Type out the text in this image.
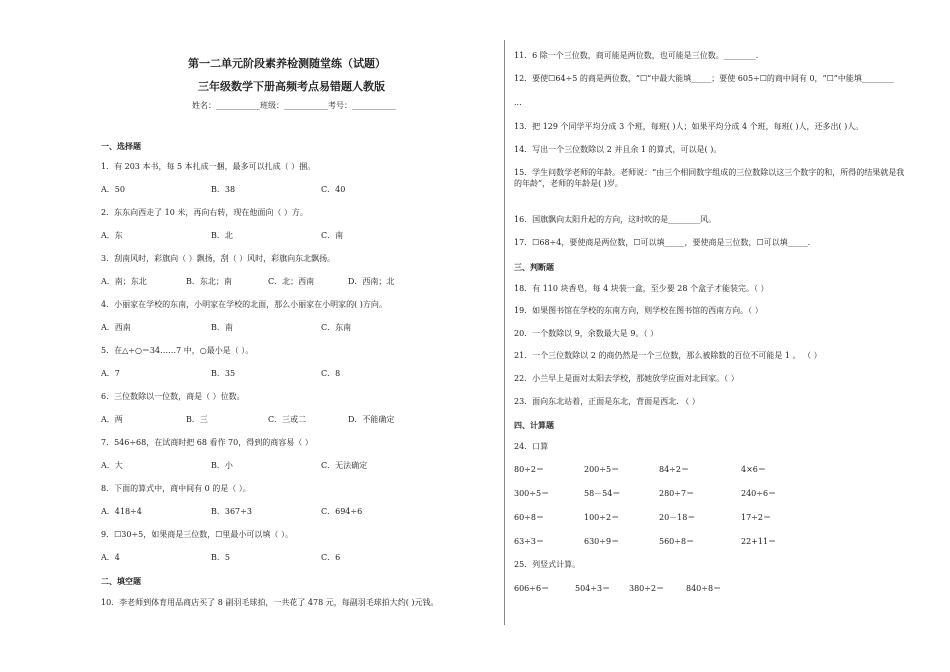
第一二单元阶段素养检测随堂练（试题）
三年级数学下册高频考点易错题人教版
姓名：___________班级：___________考号：___________
一、选择题
1．有 203 本书，每 5 本扎成一捆，最多可以扎成（ ）捆。
A．50	B．38	C．40
2．东东向西走了 10 米，再向右转，现在他面向（ ）方。
A．东	B．北	C．南
3．刮南风时，彩旗向（ ）飘扬，刮（ ）风时，彩旗向东北飘扬。
A．南；东北	B．东北；南	C．北；西南	D．西南；北
4．小丽家在学校的东南，小明家在学校的北面，那么小丽家在小明家的( )方向。
A．西南	B．南	C．东南
5．在△÷○＝34……7 中，○最小是（ ）。
A．7	B．35	C．8
6．三位数除以一位数，商是（ ）位数。
A．两	B．三	C．三或二	D．不能确定
7．546÷68，在试商时把 68 看作 70，得到的商容易（ ）
A．大	B．小	C．无法确定
8．下面的算式中，商中间有 0 的是（ ）。
A．418÷4	B．367÷3	C．694÷6
9．☐30÷5，如果商是三位数，☐里最小可以填（ ）。
A．4	B．5	C．6
二、填空题
10．李老师到体育用品商店买了 8 副羽毛球拍，一共花了 478 元，每副羽毛球拍大约( )元钱。
11．6 除一个三位数，商可能是两位数，也可能是三位数。________.
12．要使☐64÷5 的商是两位数，“☐”中最大能填_____；要使 605÷☐的商中间有 0，“☐”中能填________
...
13．把 129 个同学平均分成 3 个班，每班( )人；如果平均分成 4 个班，每班( )人，还多出( )人。
14．写出一个三位数除以 2 并且余 1 的算式，可以是( )。
15．学生问数学老师的年龄。老师说：“由三个相同数字组成的三位数除以这三个数字的和，所得的结果就是我的年龄”，老师的年龄是( )岁。
16．国旗飘向太阳升起的方向，这时吹的是________风。
17．☐68÷4，要使商是两位数，☐可以填_____，要使商是三位数，☐可以填_____.
三、判断题
18．有 110 块香皂，每 4 块装一盒，至少要 28 个盒子才能装完。（ ）
19．如果图书馆在学校的东南方向，则学校在图书馆的西南方向。（ ）
20．一个数除以 9，余数最大是 9。（ ）
21．一个三位数除以 2 的商仍然是一个三位数，那么被除数的百位不可能是 1 。 （ ）
22．小兰早上是面对太阳去学校，那她放学应面对北回家。（ ）
23．面向东北站着，正面是东北，背面是西北. （ ）
四、计算题
24．口算
80÷2＝	200÷5＝	84÷2＝	4×6＝
300÷5＝	58－54＝	280÷7＝	240÷6＝
60÷8＝	100÷2＝	20－18＝	17÷2＝
63÷3＝	630÷9＝	560÷8＝	22+11＝
25．列竖式计算。
606÷6＝	504÷3＝ 380÷2＝	840÷8＝
